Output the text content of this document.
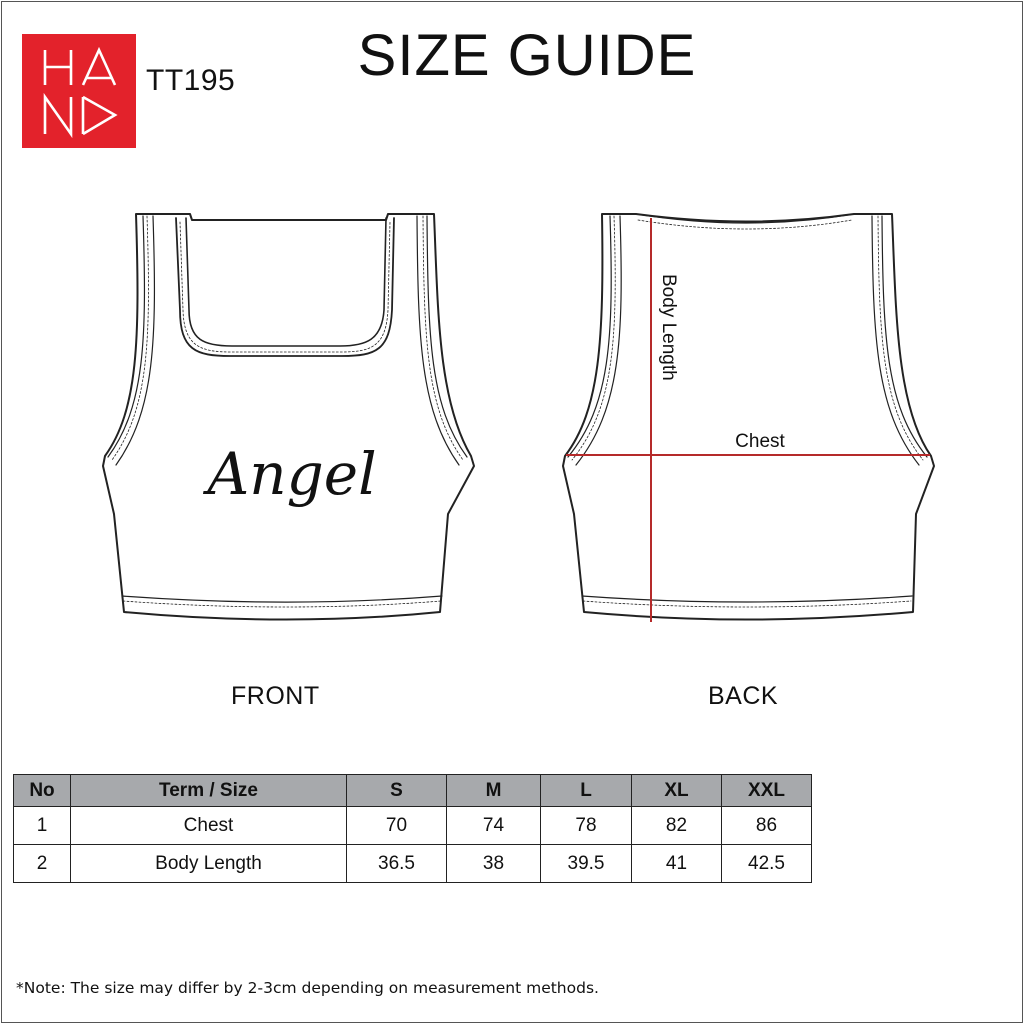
TT195	SIZE GUIDE
Angel
Body Length
Chest
FRONT	BACK
No	Term / Size	S	M	L	XL	XXL
1	Chest	70	74	78	82	86
2	Body Length	36.5	38	39.5	41	42.5
*Note: The size may differ by 2-3cm depending on measurement methods.
